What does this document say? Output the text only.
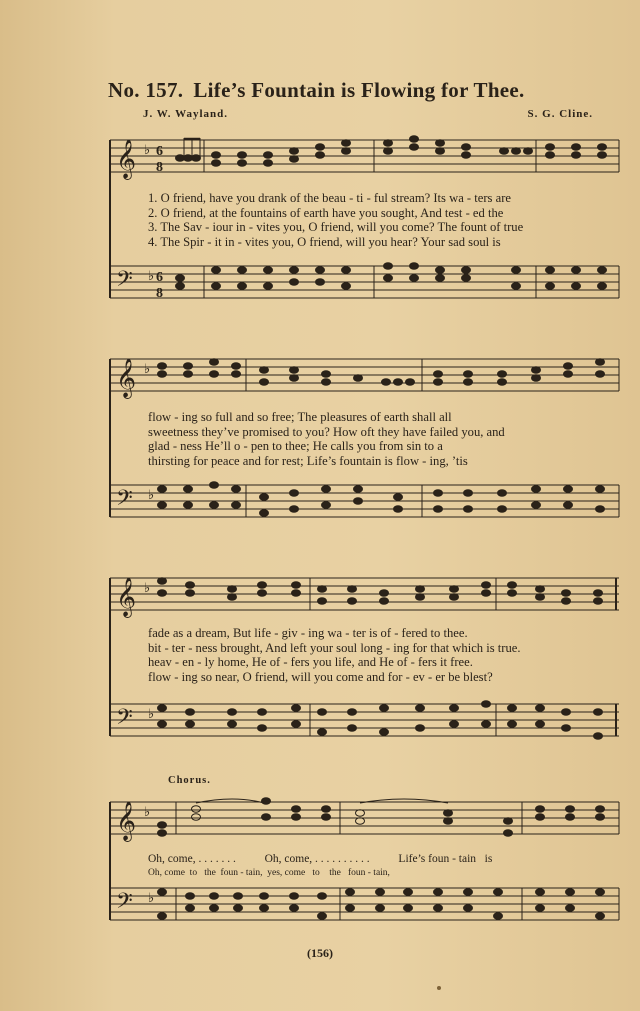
No. 157. Life’s Fountain is Flowing for Thee.
J. W. Wayland.	S. G. Cline.
𝄞
𝄢
♭
♭
6
8
6
8
1. O friend, have you drank of the beau - ti - ful stream? Its wa - ters are
2. O friend, at the fountains of earth have you sought, And test - ed the
3. The Sav - iour in - vites you, O friend, will you come? The fount of true
4. The Spir - it in - vites you, O friend, will you hear? Your sad soul is
𝄞
𝄢
♭
♭
flow - ing so full and so free; The pleasures of earth shall all
sweetness they’ve promised to you? How oft they have failed you, and
glad - ness He’ll o - pen to thee; He calls you from sin to a
thirsting for peace and for rest; Life’s fountain is flow - ing, ’tis
𝄞
𝄢
♭
♭
fade as a dream, But life - giv - ing wa - ter is of - fered to thee.
bit - ter - ness brought, And left your soul long - ing for that which is true.
heav - en - ly home, He of - fers you life, and He of - fers it free.
flow - ing so near, O friend, will you come and for - ev - er be blest?
Chorus.
𝄞
𝄢
♭
♭
Oh, come, . . . . . . .          Oh, come, . . . . . . . . . .          Life’s foun - tain   is
Oh, come  to   the  foun - tain,  yes, come   to    the   foun - tain,
(156)
